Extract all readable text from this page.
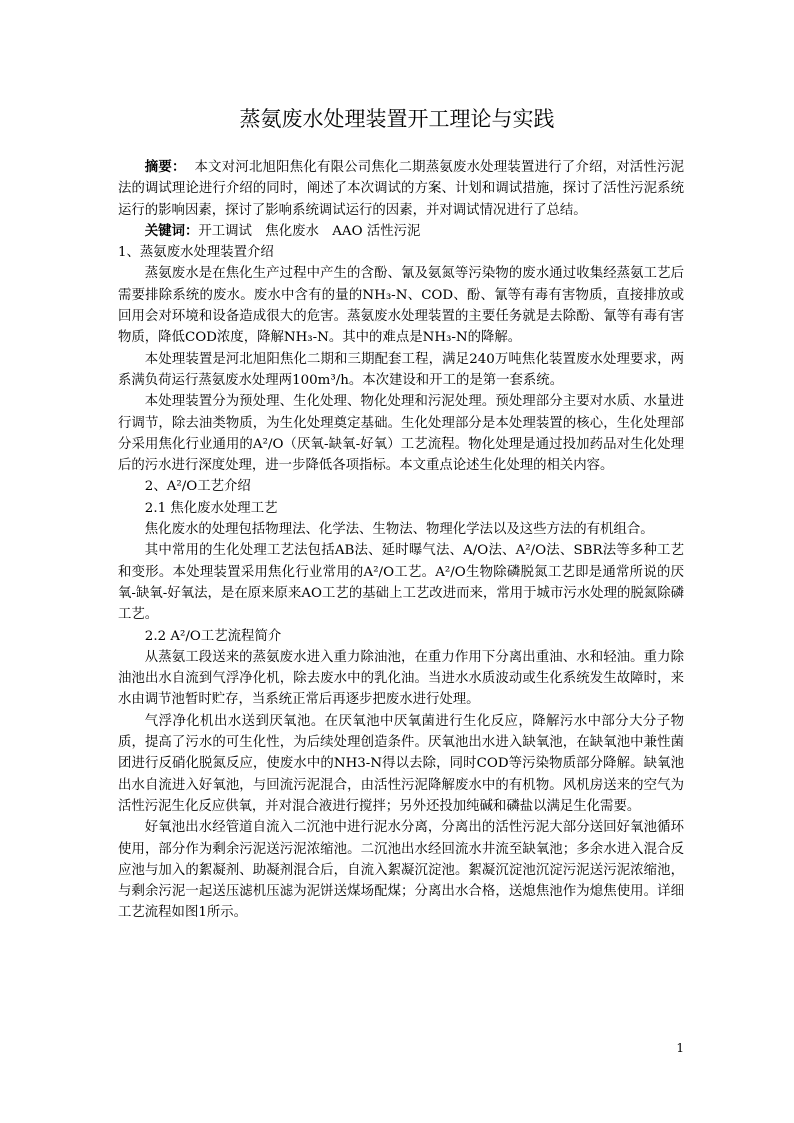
蒸氨废水处理装置开工理论与实践

摘要： 本文对河北旭阳焦化有限公司焦化二期蒸氨废水处理装置进行了介绍，对活性污泥法的调试理论进行介绍的同时，阐述了本次调试的方案、计划和调试措施，探讨了活性污泥系统运行的影响因素，探讨了影响系统调试运行的因素，并对调试情况进行了总结。

关键词：开工调试　焦化废水　AAO 活性污泥

1、蒸氨废水处理装置介绍

蒸氨废水是在焦化生产过程中产生的含酚、氰及氨氮等污染物的废水通过收集经蒸氨工艺后需要排除系统的废水。废水中含有的量的NH₃-N、COD、酚、氰等有毒有害物质，直接排放或回用会对环境和设备造成很大的危害。蒸氨废水处理装置的主要任务就是去除酚、氰等有毒有害物质，降低COD浓度，降解NH₃-N。其中的难点是NH₃-N的降解。

本处理装置是河北旭阳焦化二期和三期配套工程，满足240万吨焦化装置废水处理要求，两系满负荷运行蒸氨废水处理两100m³/h。本次建设和开工的是第一套系统。

本处理装置分为预处理、生化处理、物化处理和污泥处理。预处理部分主要对水质、水量进行调节，除去油类物质，为生化处理奠定基础。生化处理部分是本处理装置的核心，生化处理部分采用焦化行业通用的A²/O（厌氧-缺氧-好氧）工艺流程。物化处理是通过投加药品对生化处理后的污水进行深度处理，进一步降低各项指标。本文重点论述生化处理的相关内容。

2、A²/O工艺介绍

2.1 焦化废水处理工艺

焦化废水的处理包括物理法、化学法、生物法、物理化学法以及这些方法的有机组合。

其中常用的生化处理工艺法包括AB法、延时曝气法、A/O法、A²/O法、SBR法等多种工艺和变形。本处理装置采用焦化行业常用的A²/O工艺。A²/O生物除磷脱氮工艺即是通常所说的厌氧-缺氧-好氧法，是在原来原来AO工艺的基础上工艺改进而来，常用于城市污水处理的脱氮除磷工艺。

2.2 A²/O工艺流程简介

从蒸氨工段送来的蒸氨废水进入重力除油池，在重力作用下分离出重油、水和轻油。重力除油池出水自流到气浮净化机，除去废水中的乳化油。当进水水质波动或生化系统发生故障时，来水由调节池暂时贮存，当系统正常后再逐步把废水进行处理。

气浮净化机出水送到厌氧池。在厌氧池中厌氧菌进行生化反应，降解污水中部分大分子物质，提高了污水的可生化性，为后续处理创造条件。厌氧池出水进入缺氧池，在缺氧池中兼性菌团进行反硝化脱氮反应，使废水中的NH3-N得以去除，同时COD等污染物质部分降解。缺氧池出水自流进入好氧池，与回流污泥混合，由活性污泥降解废水中的有机物。风机房送来的空气为活性污泥生化反应供氧，并对混合液进行搅拌；另外还投加纯碱和磷盐以满足生化需要。

好氧池出水经管道自流入二沉池中进行泥水分离，分离出的活性污泥大部分送回好氧池循环使用，部分作为剩余污泥送污泥浓缩池。二沉池出水经回流水井流至缺氧池；多余水进入混合反应池与加入的絮凝剂、助凝剂混合后，自流入絮凝沉淀池。絮凝沉淀池沉淀污泥送污泥浓缩池，与剩余污泥一起送压滤机压滤为泥饼送煤场配煤；分离出水合格，送熄焦池作为熄焦使用。详细工艺流程如图1所示。

1
